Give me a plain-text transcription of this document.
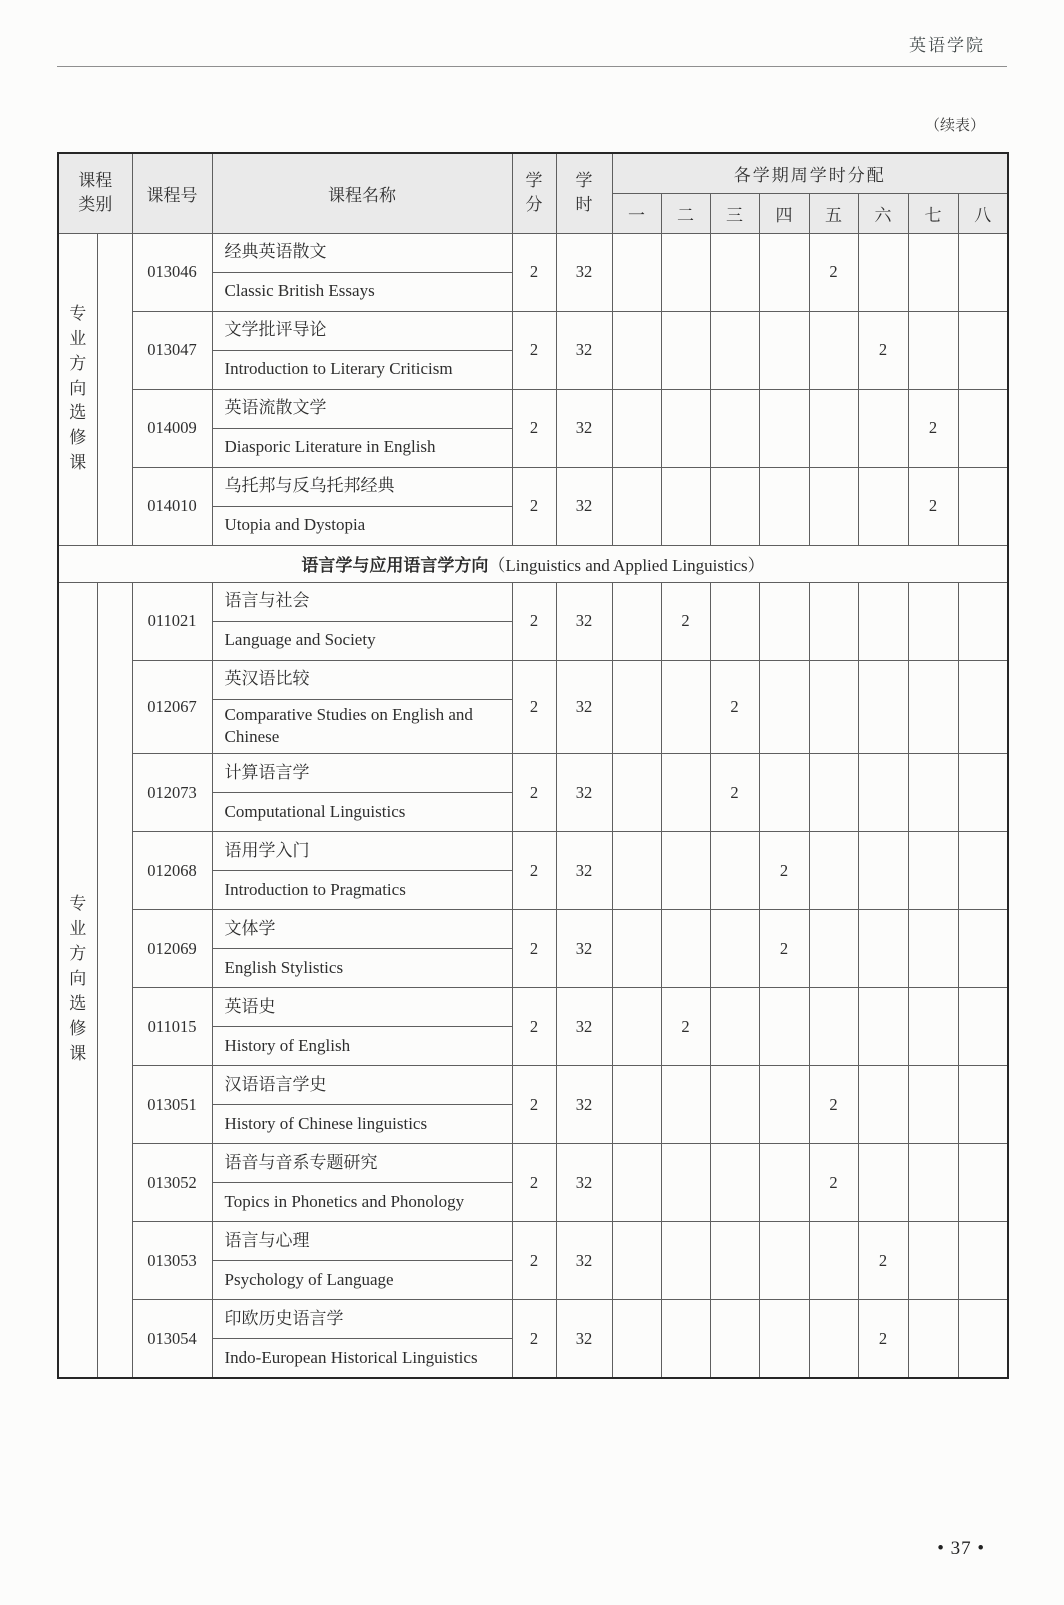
英语学院
（续表）
课程类别		课程号	课程名称	学分	学时	各学期周学时分配							
						一	二	三	四	五	六	七	八

专业方向选修课		013046	经典英语散文	2	32					2			
			Classic British Essays										
		013047	文学批评导论	2	32						2		
			Introduction to Literary Criticism										
		014009	英语流散文学	2	32							2	
			Diasporic Literature in English										
		014010	乌托邦与反乌托邦经典	2	32							2	
			Utopia and Dystopia										
语言学与应用语言学方向（Linguistics and Applied Linguistics）													

专业方向选修课		011021	语言与社会	2	32		2						
			Language and Society										
		012067	英汉语比较	2	32			2					
			Comparative Studies on English and Chinese										
		012073	计算语言学	2	32			2					
			Computational Linguistics										
		012068	语用学入门	2	32				2				
			Introduction to Pragmatics										
		012069	文体学	2	32				2				
			English Stylistics										
		011015	英语史	2	32		2						
			History of English										
		013051	汉语语言学史	2	32					2			
			History of Chinese linguistics										
		013052	语音与音系专题研究	2	32					2			
			Topics in Phonetics and Phonology										
		013053	语言与心理	2	32						2		
			Psychology of Language										
		013054	印欧历史语言学	2	32						2		
			Indo-European Historical Linguistics										
• 37 •
